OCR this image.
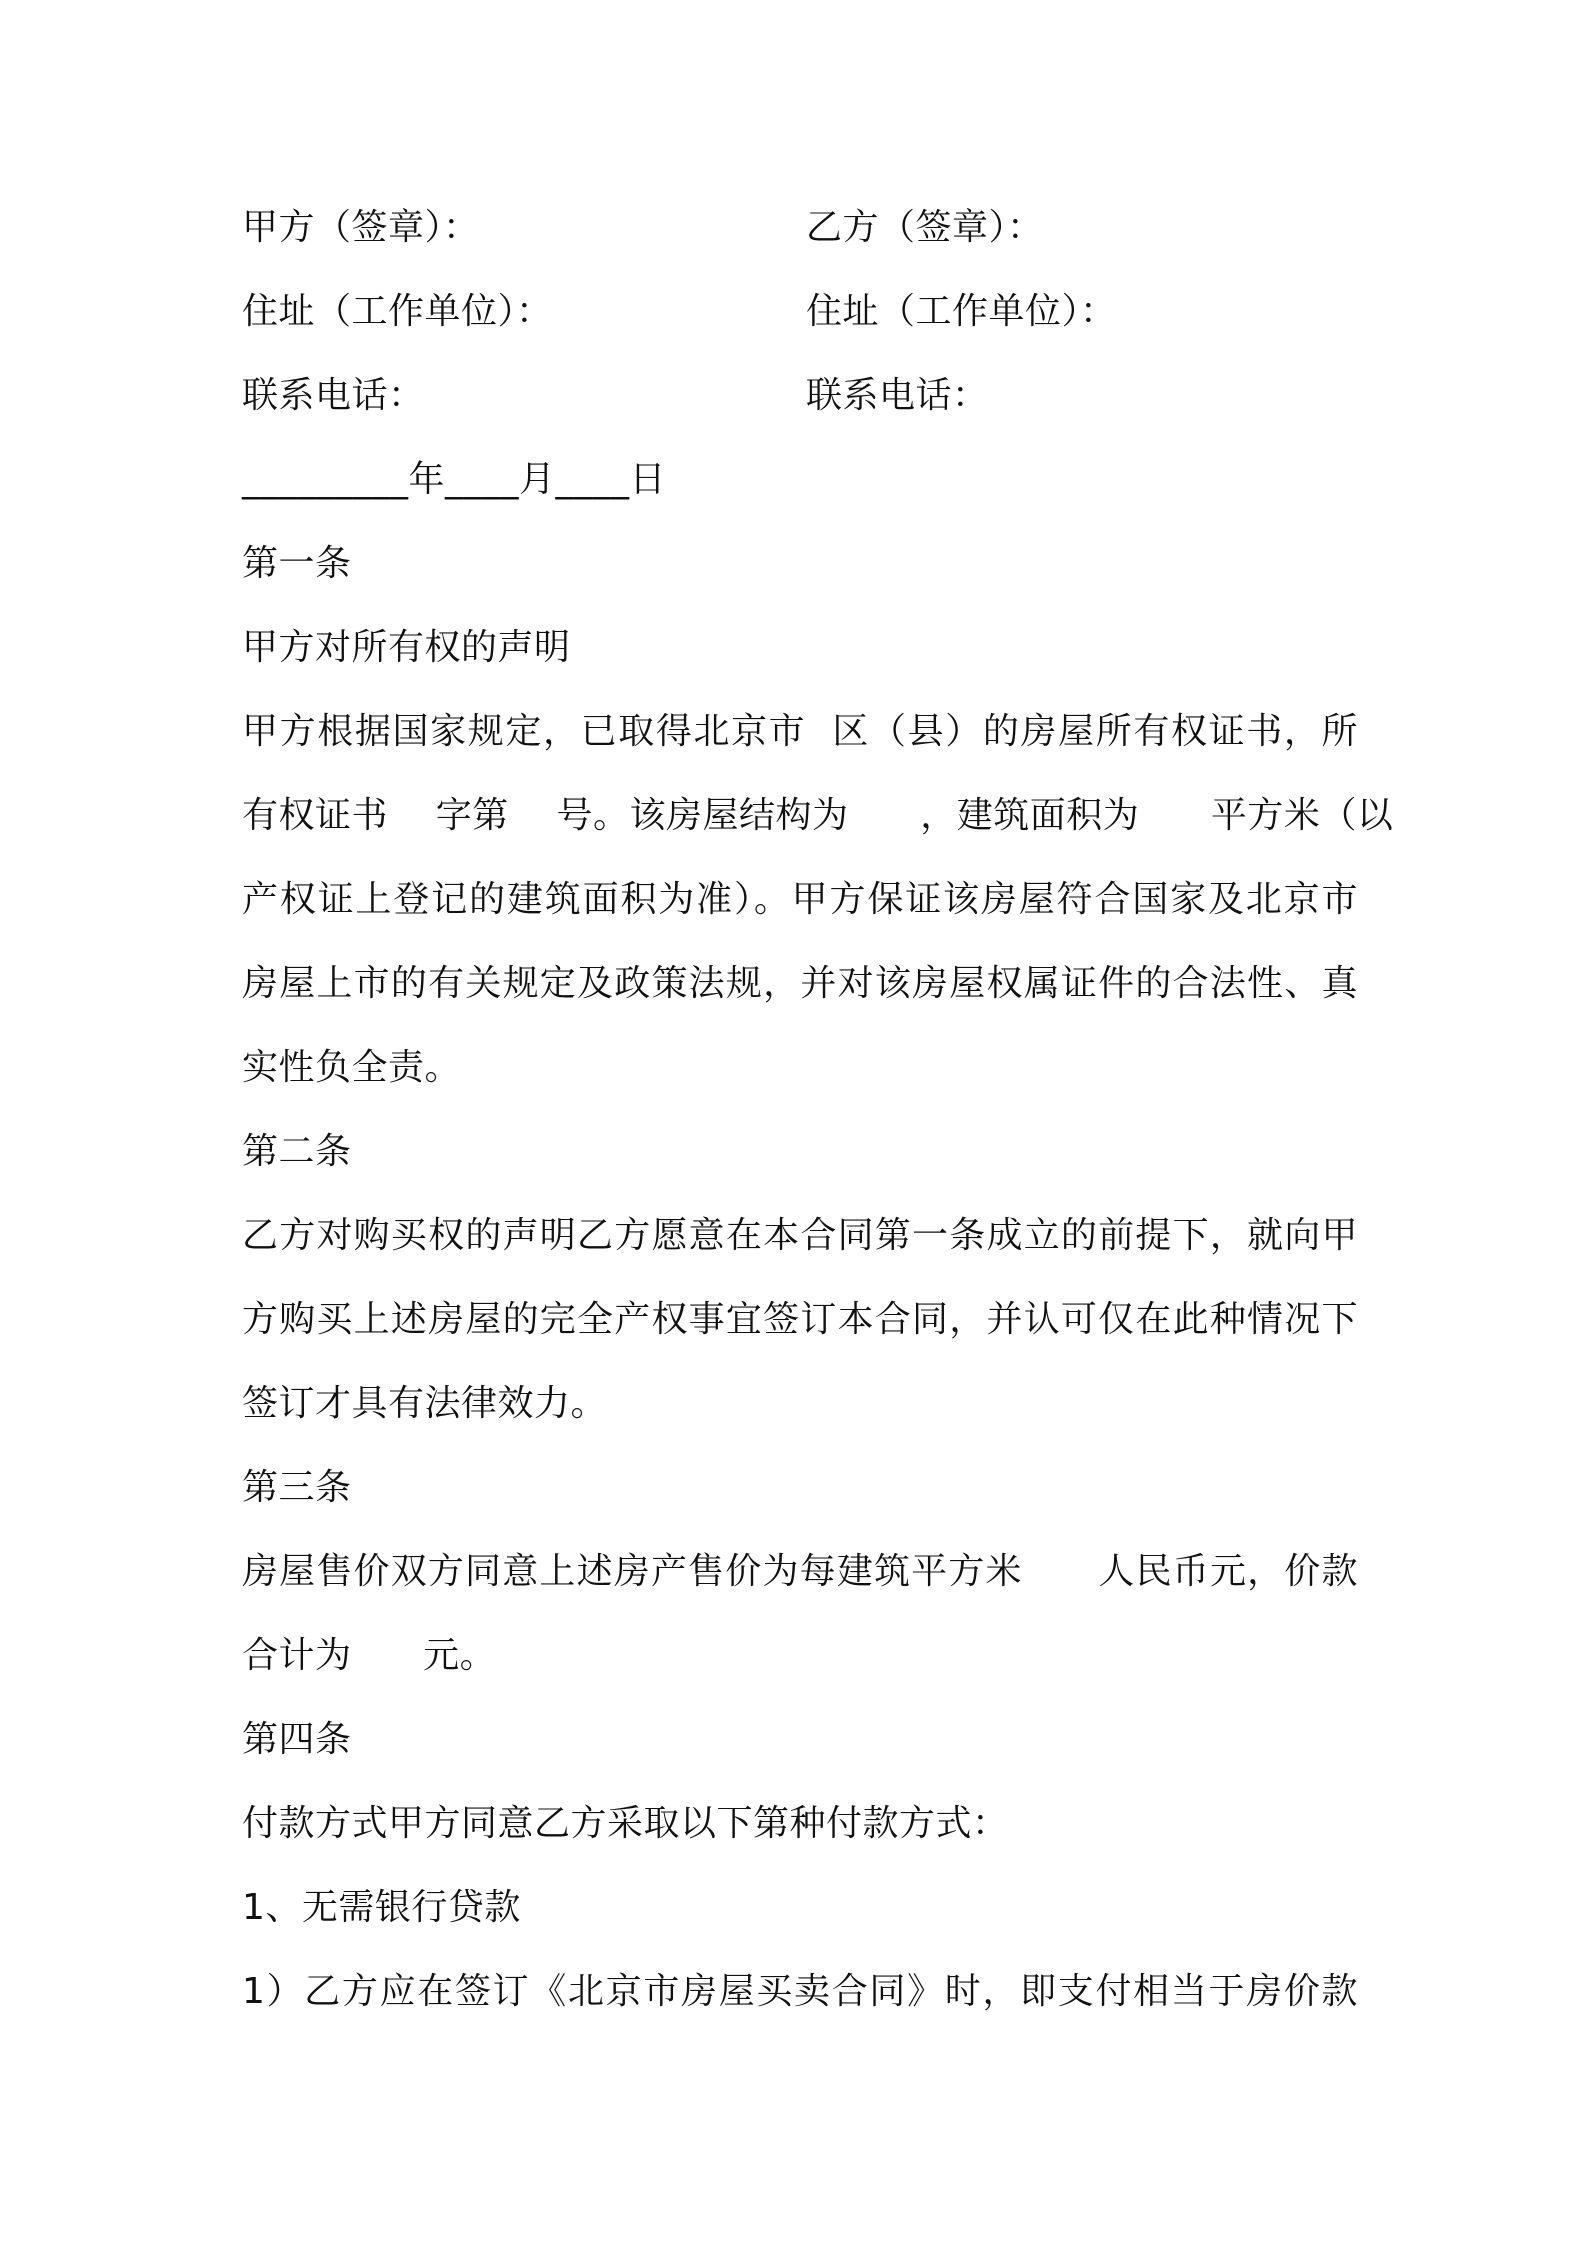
甲方（签章）：	乙方（签章）：
住址（工作单位）：	住址（工作单位）：
联系电话：	联系电话：
_________年____月____日
第一条
甲方对所有权的声明
甲方根据国家规定，已取得北京市  区（县）的房屋所有权证书，所
有权证书    字第    号。该房屋结构为      ，建筑面积为      平方米（以
产权证上登记的建筑面积为准）。甲方保证该房屋符合国家及北京市
房屋上市的有关规定及政策法规，并对该房屋权属证件的合法性、真
实性负全责。
第二条
乙方对购买权的声明乙方愿意在本合同第一条成立的前提下，就向甲
方购买上述房屋的完全产权事宜签订本合同，并认可仅在此种情况下
签订才具有法律效力。
第三条
房屋售价双方同意上述房产售价为每建筑平方米      人民币元，价款
合计为      元。
第四条
付款方式甲方同意乙方采取以下第种付款方式：
1、无需银行贷款
1）乙方应在签订《北京市房屋买卖合同》时，即支付相当于房价款
